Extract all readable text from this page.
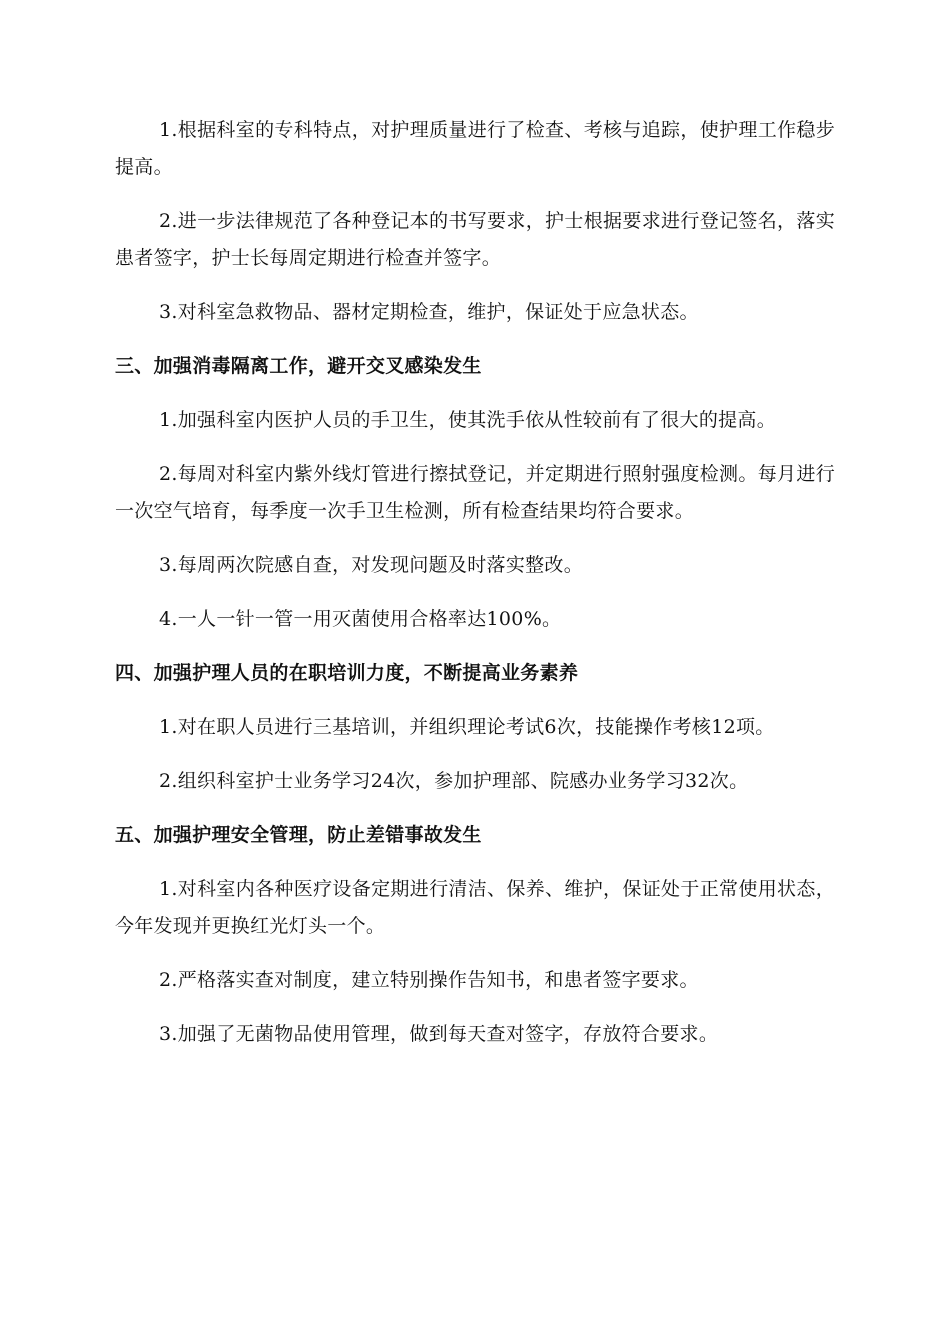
1.根据科室的专科特点，对护理质量进行了检查、考核与追踪，使护理工作稳步提高。

2.进一步法律规范了各种登记本的书写要求，护士根据要求进行登记签名，落实患者签字，护士长每周定期进行检查并签字。

3.对科室急救物品、器材定期检查，维护，保证处于应急状态。

三、加强消毒隔离工作，避开交叉感染发生

1.加强科室内医护人员的手卫生，使其洗手依从性较前有了很大的提高。

2.每周对科室内紫外线灯管进行擦拭登记，并定期进行照射强度检测。每月进行一次空气培育，每季度一次手卫生检测，所有检查结果均符合要求。

3.每周两次院感自查，对发现问题及时落实整改。

4.一人一针一管一用灭菌使用合格率达100%。

四、加强护理人员的在职培训力度，不断提高业务素养

1.对在职人员进行三基培训，并组织理论考试6次，技能操作考核12项。

2.组织科室护士业务学习24次，参加护理部、院感办业务学习32次。

五、加强护理安全管理，防止差错事故发生

1.对科室内各种医疗设备定期进行清洁、保养、维护，保证处于正常使用状态，今年发现并更换红光灯头一个。

2.严格落实查对制度，建立特别操作告知书，和患者签字要求。

3.加强了无菌物品使用管理，做到每天查对签字，存放符合要求。
